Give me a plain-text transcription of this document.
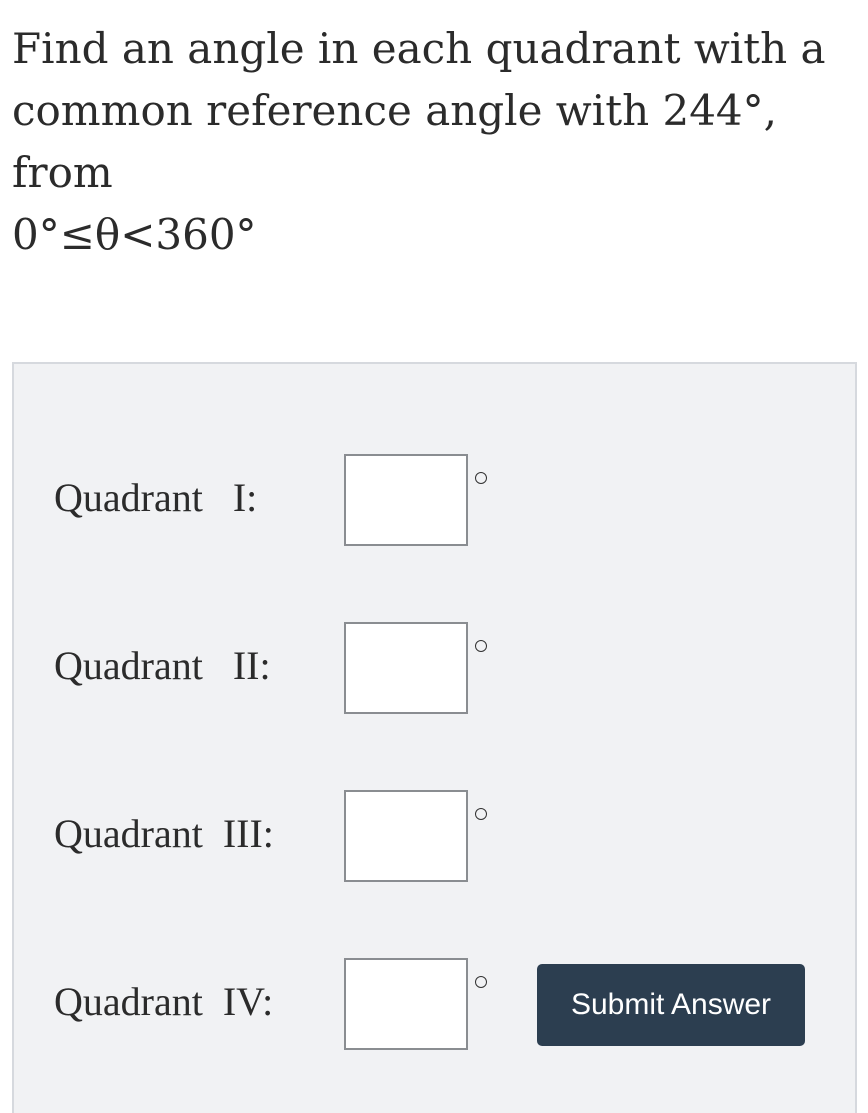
Find an angle in each quadrant with a
common reference angle with 244°, from
0°≤θ<360°
Quadrant   I:
Quadrant   II:
Quadrant  III:
Quadrant  IV:	Submit Answer
